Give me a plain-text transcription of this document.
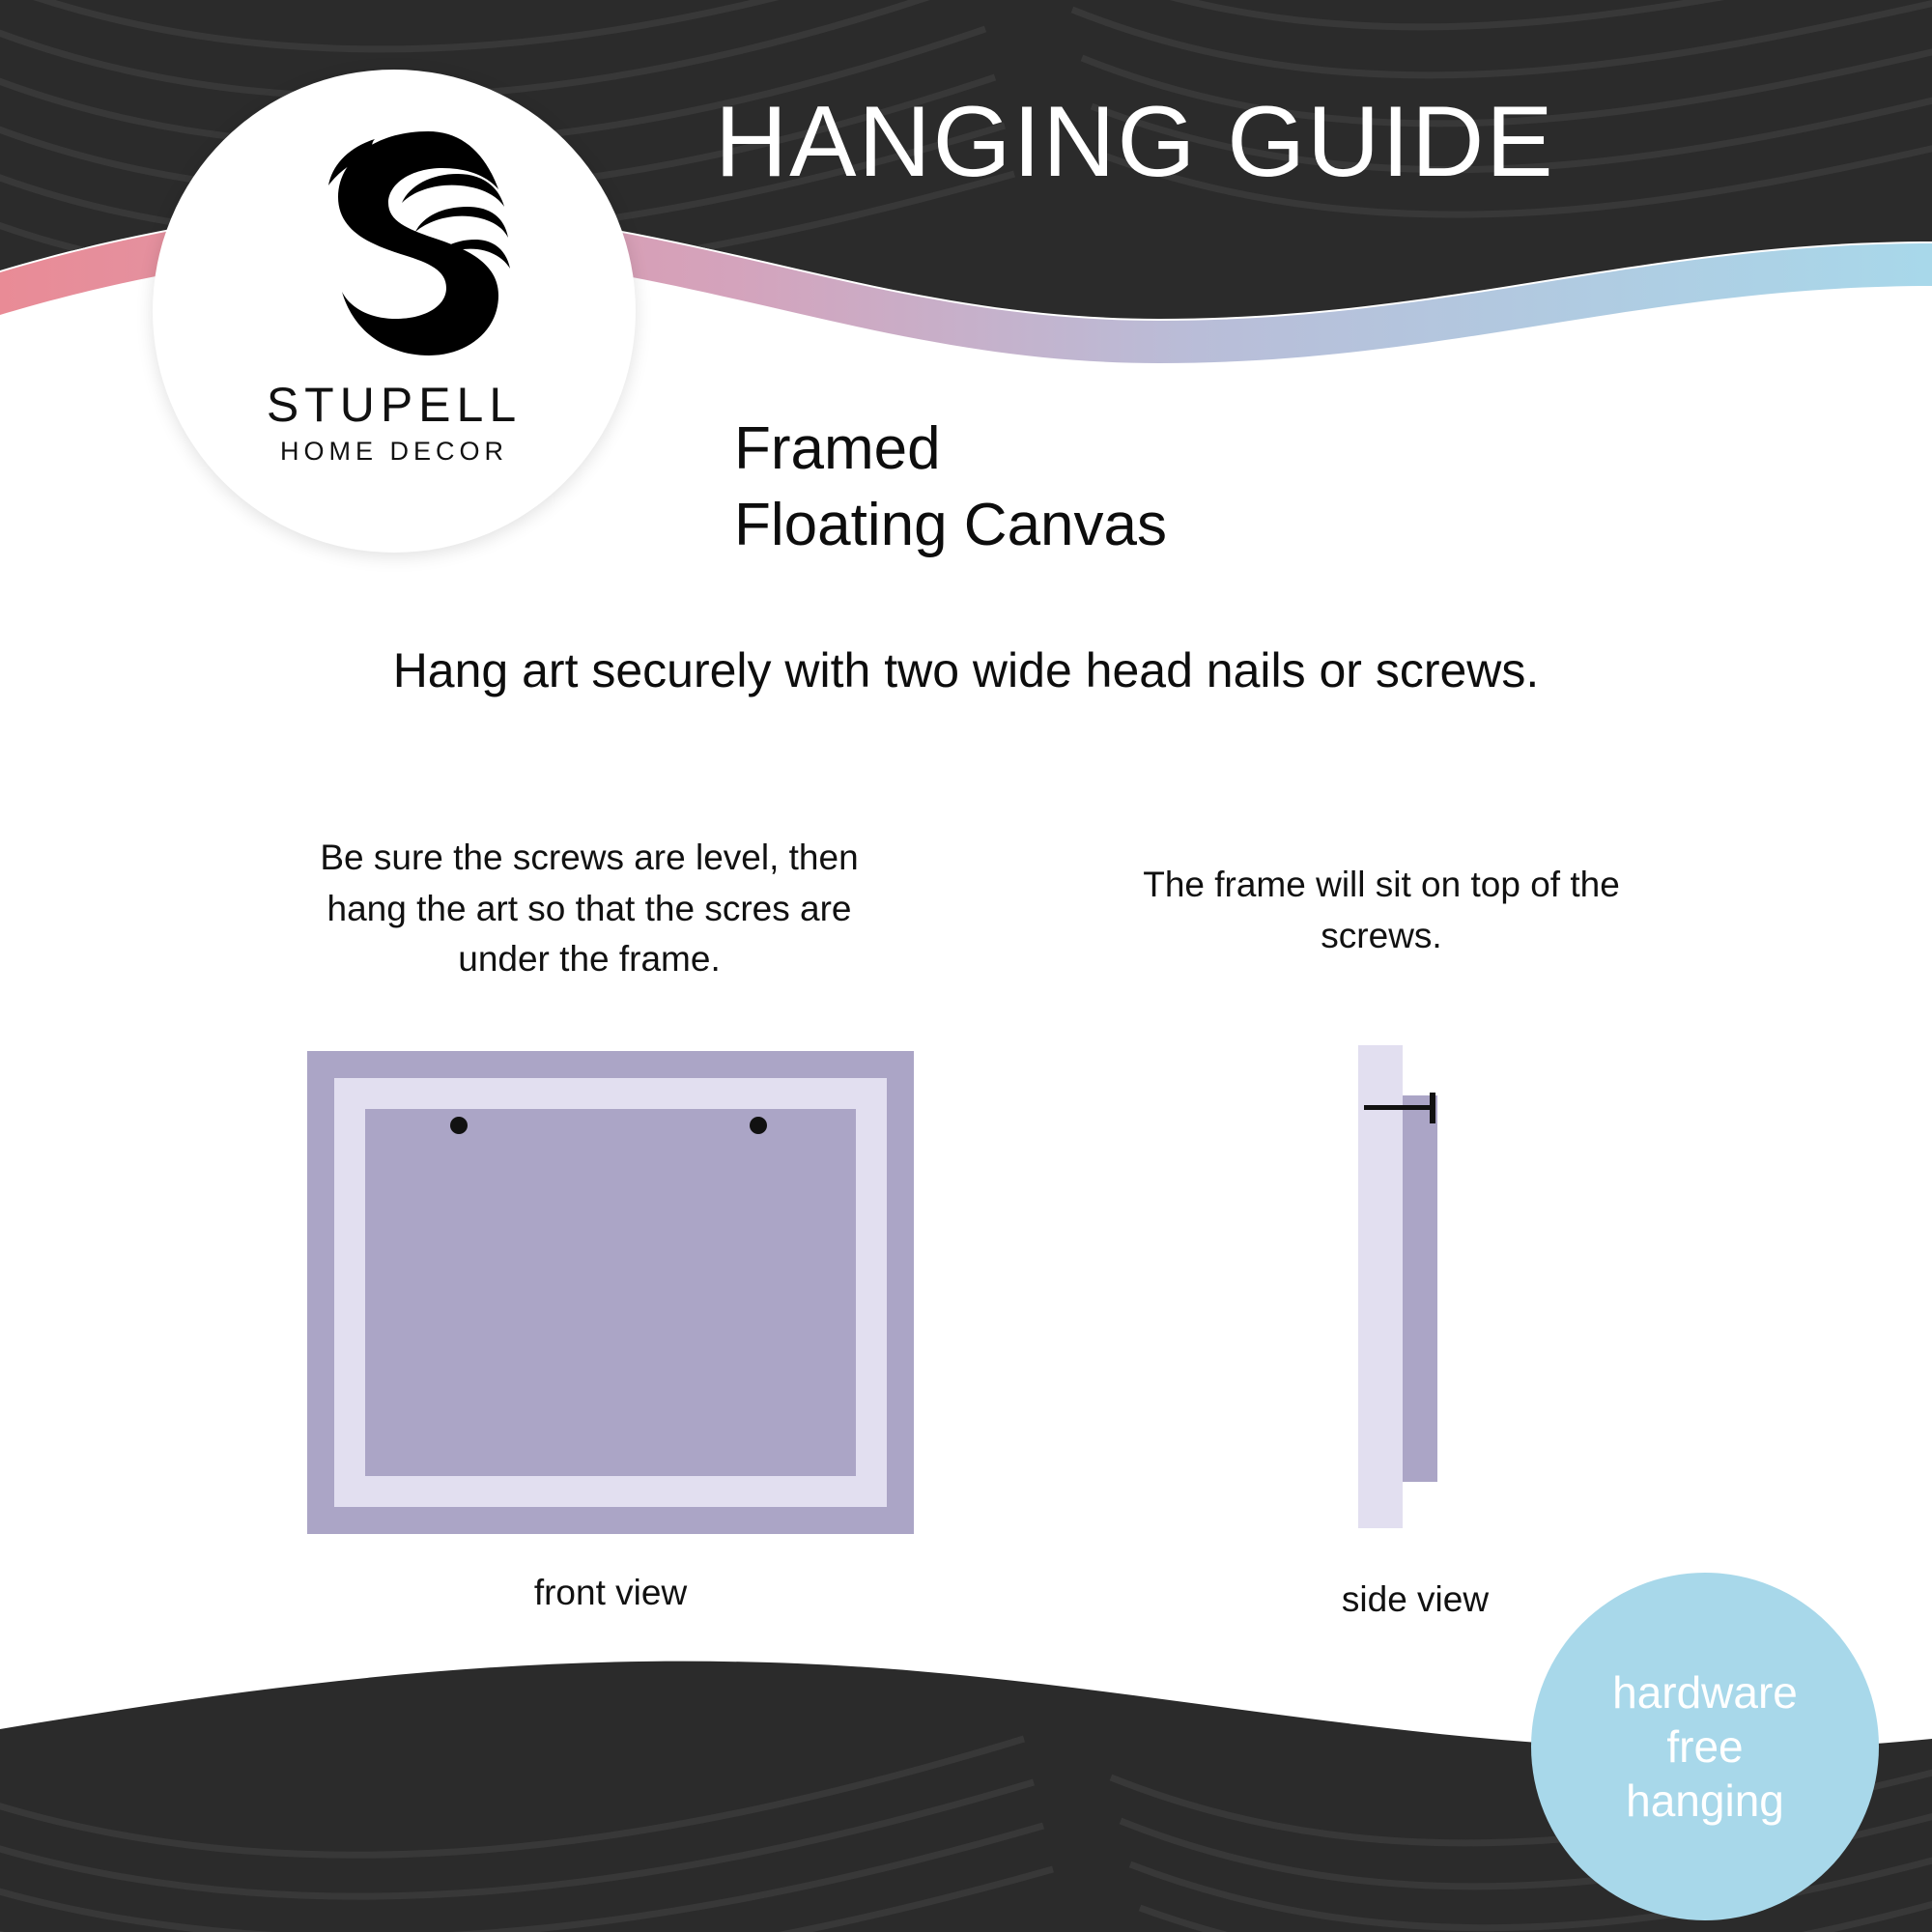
STUPELL
HOME DECOR
HANGING GUIDE
Framed
Floating Canvas
Hang art securely with two wide head nails or screws.
Be sure the screws are level, then hang the art so that the scres are under the frame.
The frame will sit on top of the screws.
front view	side view
hardware
free
hanging
